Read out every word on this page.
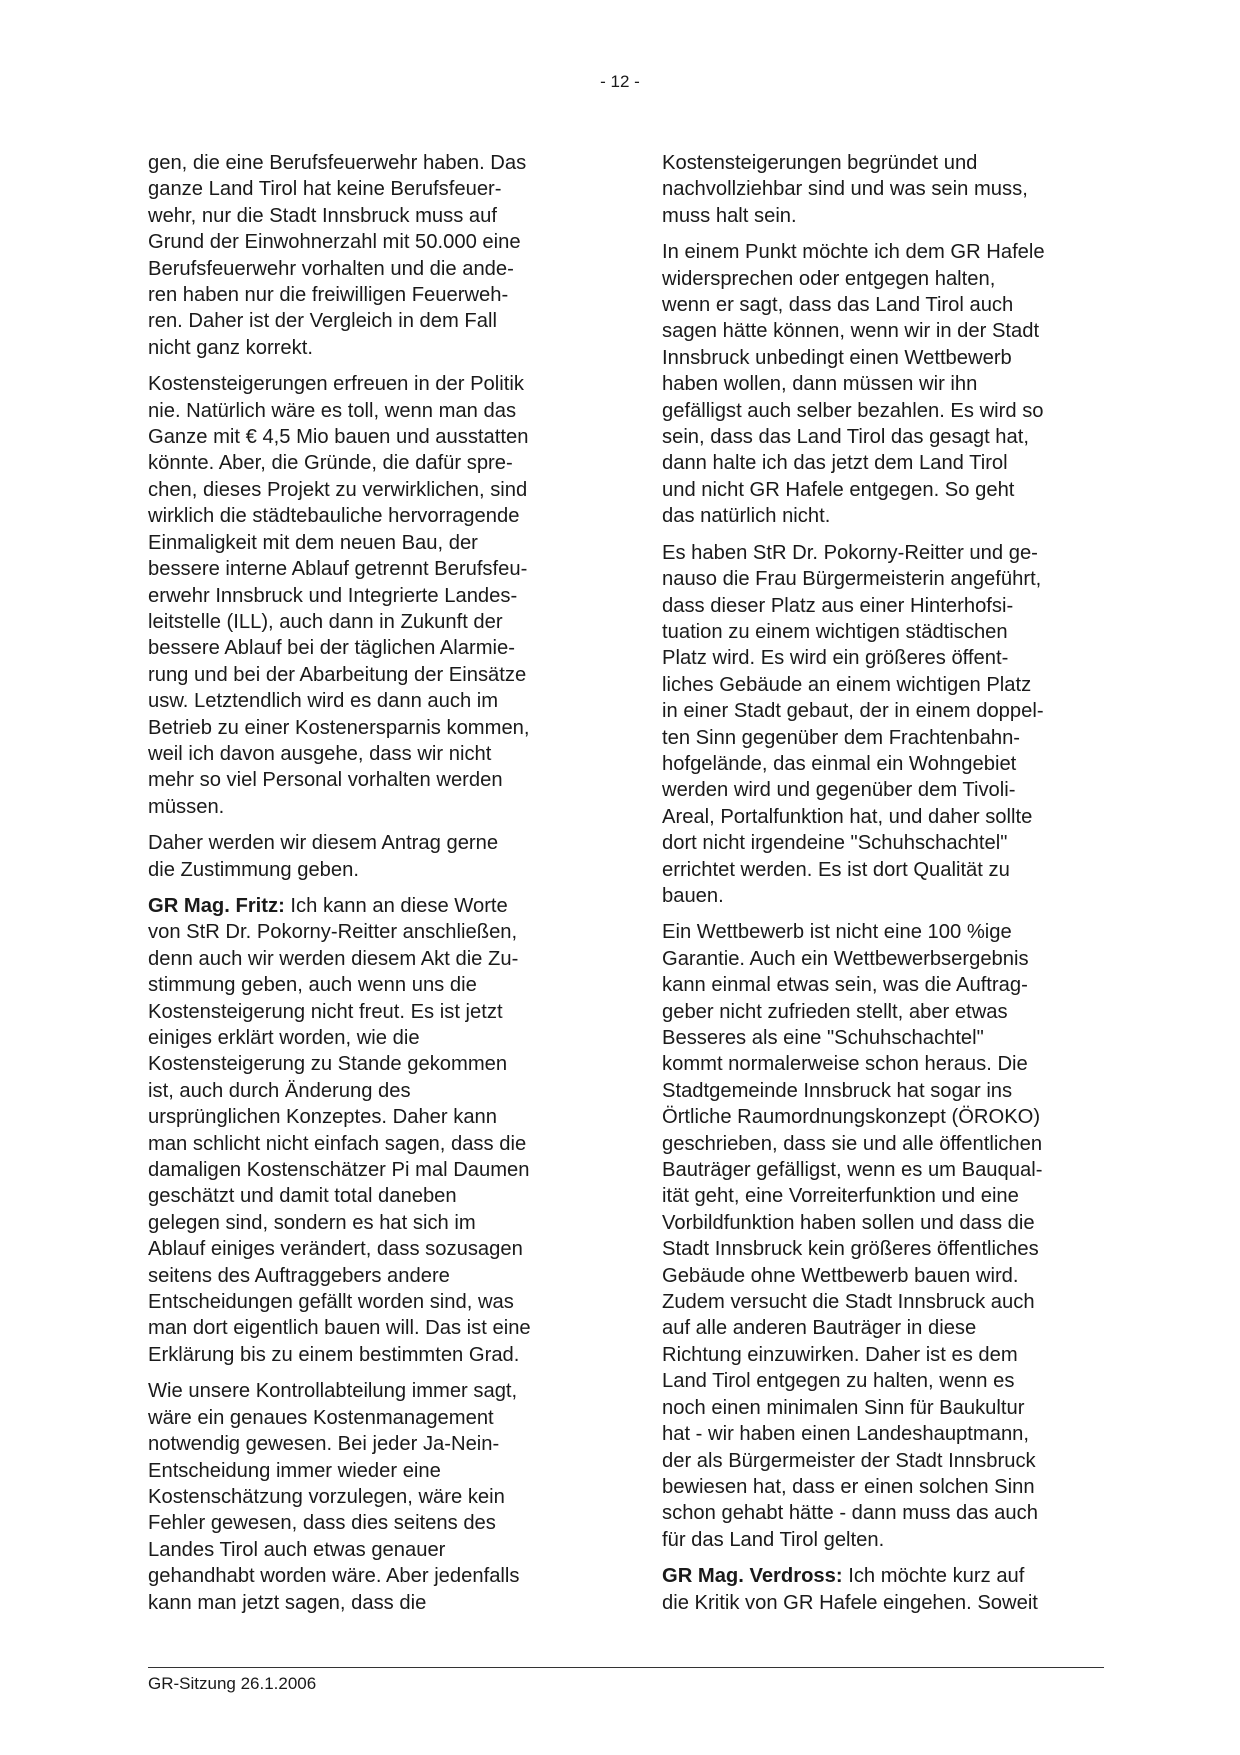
- 12 -

gen, die eine Berufsfeuerwehr haben. Das
ganze Land Tirol hat keine Berufsfeuer-
wehr, nur die Stadt Innsbruck muss auf
Grund der Einwohnerzahl mit 50.000 eine
Berufsfeuerwehr vorhalten und die ande-
ren haben nur die freiwilligen Feuerweh-
ren. Daher ist der Vergleich in dem Fall
nicht ganz korrekt.

Kostensteigerungen erfreuen in der Politik
nie. Natürlich wäre es toll, wenn man das
Ganze mit € 4,5 Mio bauen und ausstatten
könnte. Aber, die Gründe, die dafür spre-
chen, dieses Projekt zu verwirklichen, sind
wirklich die städtebauliche hervorragende
Einmaligkeit mit dem neuen Bau, der
bessere interne Ablauf getrennt Berufsfeu-
erwehr Innsbruck und Integrierte Landes-
leitstelle (ILL), auch dann in Zukunft der
bessere Ablauf bei der täglichen Alarmie-
rung und bei der Abarbeitung der Einsätze
usw. Letztendlich wird es dann auch im
Betrieb zu einer Kostenersparnis kommen,
weil ich davon ausgehe, dass wir nicht
mehr so viel Personal vorhalten werden
müssen.

Daher werden wir diesem Antrag gerne
die Zustimmung geben.

GR Mag. Fritz: Ich kann an diese Worte
von StR Dr. Pokorny-Reitter anschließen,
denn auch wir werden diesem Akt die Zu-
stimmung geben, auch wenn uns die
Kostensteigerung nicht freut. Es ist jetzt
einiges erklärt worden, wie die
Kostensteigerung zu Stande gekommen
ist, auch durch Änderung des
ursprünglichen Konzeptes. Daher kann
man schlicht nicht einfach sagen, dass die
damaligen Kostenschätzer Pi mal Daumen
geschätzt und damit total daneben
gelegen sind, sondern es hat sich im
Ablauf einiges verändert, dass sozusagen
seitens des Auftraggebers andere
Entscheidungen gefällt worden sind, was
man dort eigentlich bauen will. Das ist eine
Erklärung bis zu einem bestimmten Grad.

Wie unsere Kontrollabteilung immer sagt,
wäre ein genaues Kostenmanagement
notwendig gewesen. Bei jeder Ja-Nein-
Entscheidung immer wieder eine
Kostenschätzung vorzulegen, wäre kein
Fehler gewesen, dass dies seitens des
Landes Tirol auch etwas genauer
gehandhabt worden wäre. Aber jedenfalls
kann man jetzt sagen, dass die

Kostensteigerungen begründet und
nachvollziehbar sind und was sein muss,
muss halt sein.

In einem Punkt möchte ich dem GR Hafele
widersprechen oder entgegen halten,
wenn er sagt, dass das Land Tirol auch
sagen hätte können, wenn wir in der Stadt
Innsbruck unbedingt einen Wettbewerb
haben wollen, dann müssen wir ihn
gefälligst auch selber bezahlen. Es wird so
sein, dass das Land Tirol das gesagt hat,
dann halte ich das jetzt dem Land Tirol
und nicht GR Hafele entgegen. So geht
das natürlich nicht.

Es haben StR Dr. Pokorny-Reitter und ge-
nauso die Frau Bürgermeisterin angeführt,
dass dieser Platz aus einer Hinterhofsi-
tuation zu einem wichtigen städtischen
Platz wird. Es wird ein größeres öffent-
liches Gebäude an einem wichtigen Platz
in einer Stadt gebaut, der in einem doppel-
ten Sinn gegenüber dem Frachtenbahn-
hofgelände, das einmal ein Wohngebiet
werden wird und gegenüber dem Tivoli-
Areal, Portalfunktion hat, und daher sollte
dort nicht irgendeine "Schuhschachtel"
errichtet werden. Es ist dort Qualität zu
bauen.

Ein Wettbewerb ist nicht eine 100 %ige
Garantie. Auch ein Wettbewerbsergebnis
kann einmal etwas sein, was die Auftrag-
geber nicht zufrieden stellt, aber etwas
Besseres als eine "Schuhschachtel"
kommt normalerweise schon heraus. Die
Stadtgemeinde Innsbruck hat sogar ins
Örtliche Raumordnungskonzept (ÖROKO)
geschrieben, dass sie und alle öffentlichen
Bauträger gefälligst, wenn es um Bauqual-
ität geht, eine Vorreiterfunktion und eine
Vorbildfunktion haben sollen und dass die
Stadt Innsbruck kein größeres öffentliches
Gebäude ohne Wettbewerb bauen wird.
Zudem versucht die Stadt Innsbruck auch
auf alle anderen Bauträger in diese
Richtung einzuwirken. Daher ist es dem
Land Tirol entgegen zu halten, wenn es
noch einen minimalen Sinn für Baukultur
hat - wir haben einen Landeshauptmann,
der als Bürgermeister der Stadt Innsbruck
bewiesen hat, dass er einen solchen Sinn
schon gehabt hätte - dann muss das auch
für das Land Tirol gelten.

GR Mag. Verdross: Ich möchte kurz auf
die Kritik von GR Hafele eingehen. Soweit

GR-Sitzung 26.1.2006
